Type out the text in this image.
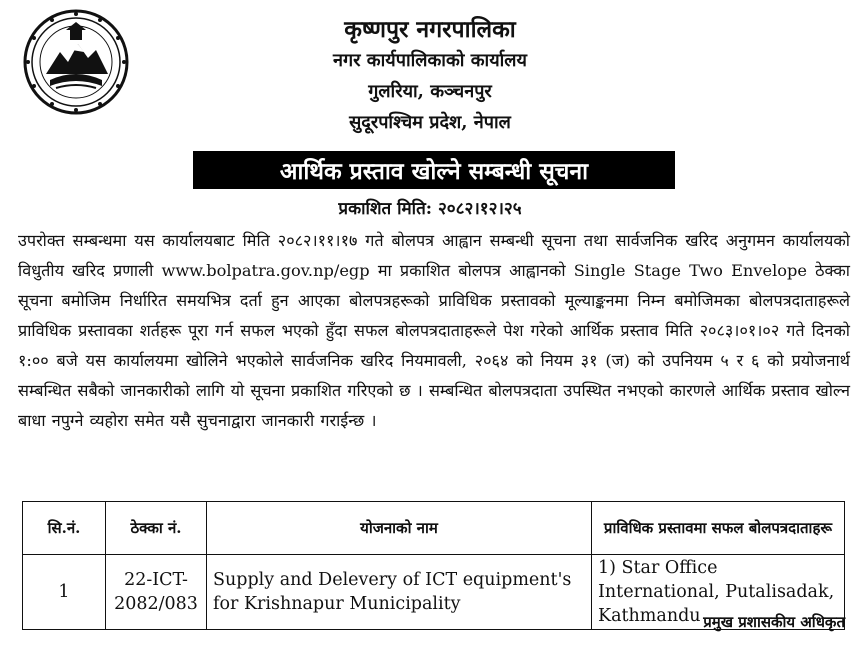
कृष्णपुर नगरपालिका
नगर कार्यपालिकाको कार्यालय
गुलरिया, कञ्चनपुर
सुदूरपश्चिम प्रदेश, नेपाल
आर्थिक प्रस्ताव खोल्ने सम्बन्धी सूचना
प्रकाशित मिति: २०८२।१२।२५
उपरोक्त सम्बन्धमा यस कार्यालयबाट मिति २०८२।११।१७ गते बोलपत्र आह्वान सम्बन्धी सूचना तथा सार्वजनिक खरिद अनुगमन कार्यालयको विधुतीय खरिद प्रणाली www.bolpatra.gov.np/egp मा प्रकाशित बोलपत्र आह्वानको Single Stage Two Envelope ठेक्का सूचना बमोजिम निर्धारित समयभित्र दर्ता हुन आएका बोलपत्रहरूको प्राविधिक प्रस्तावको मूल्याङ्कनमा निम्न बमोजिमका बोलपत्रदाताहरूले प्राविधिक प्रस्तावका शर्तहरू पूरा गर्न सफल भएको हुँदा सफल बोलपत्रदाताहरूले पेश गरेको आर्थिक प्रस्ताव मिति २०८३।०१।०२ गते दिनको १:०० बजे यस कार्यालयमा खोलिने भएकोले सार्वजनिक खरिद नियमावली, २०६४ को नियम ३१ (ज) को उपनियम ५ र ६ को प्रयोजनार्थ सम्बन्धित सबैको जानकारीको लागि यो सूचना प्रकाशित गरिएको छ । सम्बन्धित बोलपत्रदाता उपस्थित नभएको कारणले आर्थिक प्रस्ताव खोल्न बाधा नपुग्ने व्यहोरा समेत यसै सुचनाद्वारा जानकारी गराईन्छ ।
सि.नं.	ठेक्का नं.	योजनाको नाम	प्राविधिक प्रस्तावमा सफल बोलपत्रदाताहरू
1	22-ICT-2082/083	Supply and Delevery of ICT equipment's for Krishnapur Municipality	1) Star Office International, Putalisadak, Kathmandu प्रमुख प्रशासकीय अधिकृत
